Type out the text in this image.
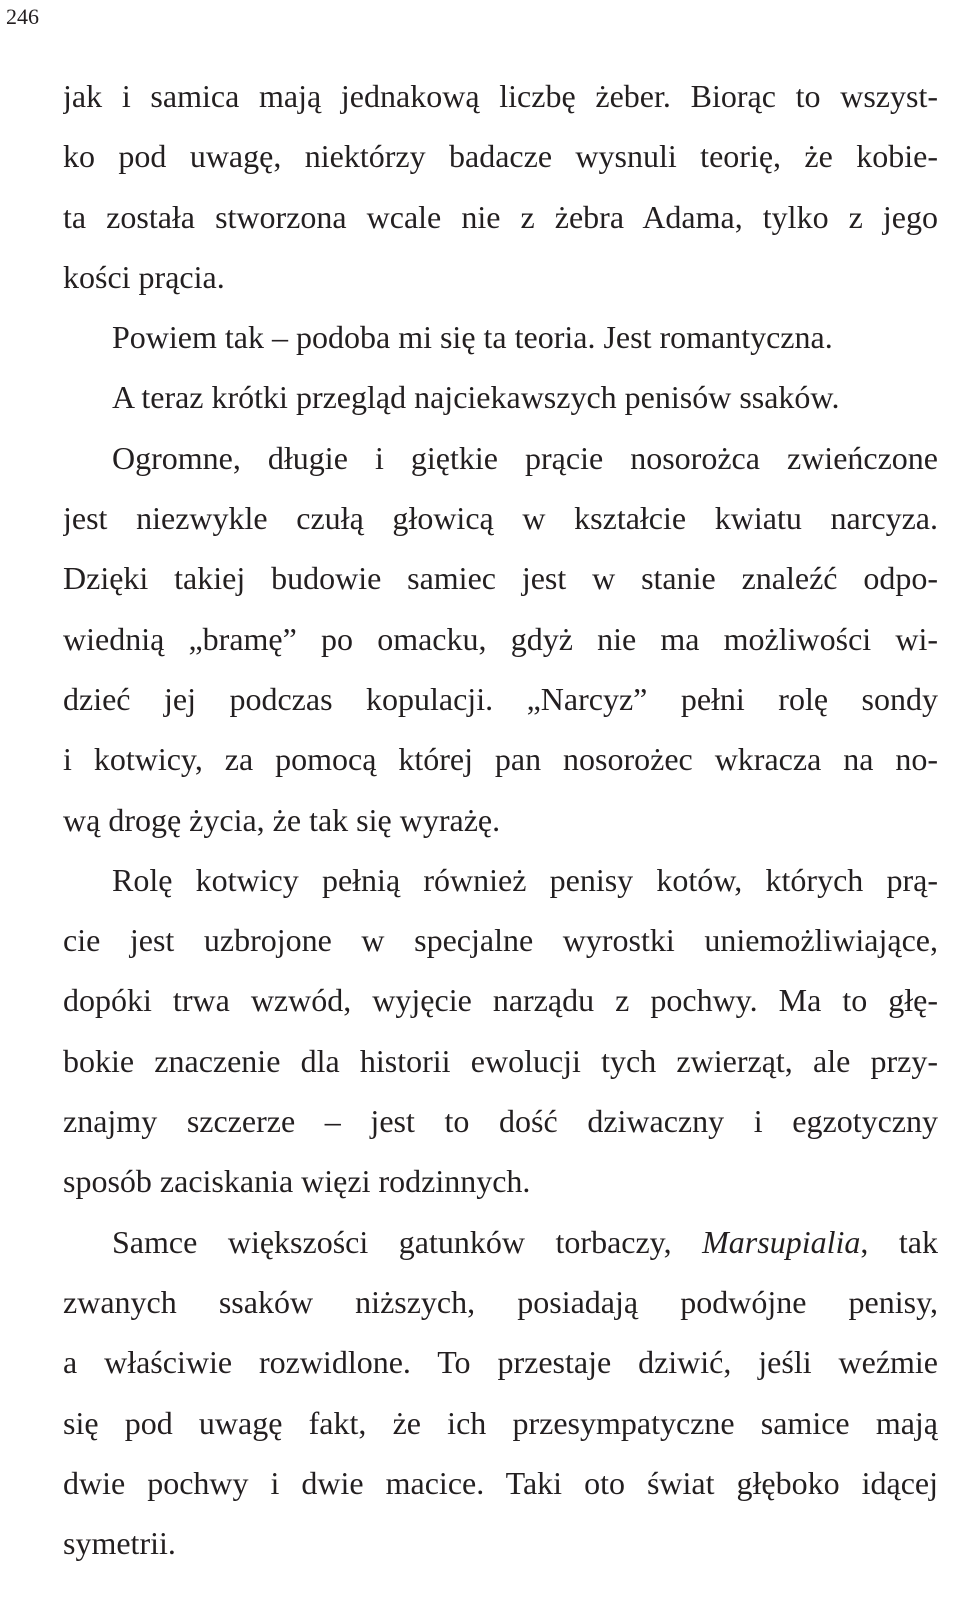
246
jak i samica mają jednakową liczbę żeber. Biorąc to wszyst-
ko pod uwagę, niektórzy badacze wysnuli teorię, że kobie-
ta została stworzona wcale nie z żebra Adama, tylko z jego
kości prącia.
Powiem tak – podoba mi się ta teoria. Jest romantyczna.
A teraz krótki przegląd najciekawszych penisów ssaków.
Ogromne, długie i giętkie prącie nosorożca zwieńczone
jest niezwykle czułą głowicą w kształcie kwiatu narcyza.
Dzięki takiej budowie samiec jest w stanie znaleźć odpo-
wiednią „bramę” po omacku, gdyż nie ma możliwości wi-
dzieć jej podczas kopulacji. „Narcyz” pełni rolę sondy
i kotwicy, za pomocą której pan nosorożec wkracza na no-
wą drogę życia, że tak się wyrażę.
Rolę kotwicy pełnią również penisy kotów, których prą-
cie jest uzbrojone w specjalne wyrostki uniemożliwiające,
dopóki trwa wzwód, wyjęcie narządu z pochwy. Ma to głę-
bokie znaczenie dla historii ewolucji tych zwierząt, ale przy-
znajmy szczerze – jest to dość dziwaczny i egzotyczny
sposób zaciskania więzi rodzinnych.
Samce większości gatunków torbaczy, Marsupialia, tak
zwanych ssaków niższych, posiadają podwójne penisy,
a właściwie rozwidlone. To przestaje dziwić, jeśli weźmie
się pod uwagę fakt, że ich przesympatyczne samice mają
dwie pochwy i dwie macice. Taki oto świat głęboko idącej
symetrii.
